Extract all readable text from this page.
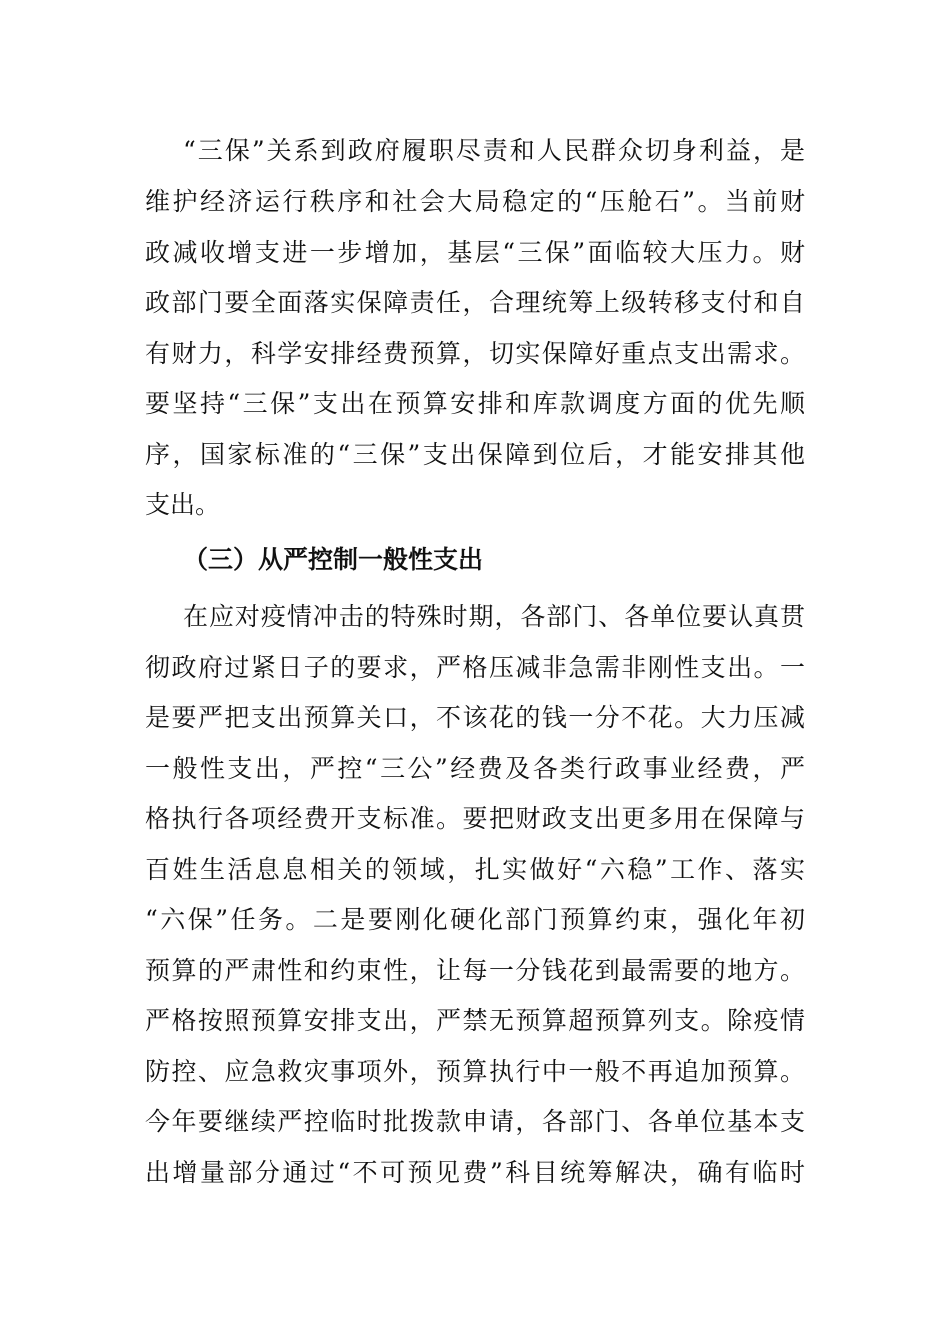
“三保”关系到政府履职尽责和人民群众切身利益，是
维护经济运行秩序和社会大局稳定的“压舱石”。当前财
政减收增支进一步增加，基层“三保”面临较大压力。财
政部门要全面落实保障责任，合理统筹上级转移支付和自
有财力，科学安排经费预算，切实保障好重点支出需求。
要坚持“三保”支出在预算安排和库款调度方面的优先顺
序，国家标准的“三保”支出保障到位后，才能安排其他
支出。
（三）从严控制一般性支出
在应对疫情冲击的特殊时期，各部门、各单位要认真贯
彻政府过紧日子的要求，严格压减非急需非刚性支出。一
是要严把支出预算关口，不该花的钱一分不花。大力压减
一般性支出，严控“三公”经费及各类行政事业经费，严
格执行各项经费开支标准。要把财政支出更多用在保障与
百姓生活息息相关的领域，扎实做好“六稳”工作、落实
“六保”任务。二是要刚化硬化部门预算约束，强化年初
预算的严肃性和约束性，让每一分钱花到最需要的地方。
严格按照预算安排支出，严禁无预算超预算列支。除疫情
防控、应急救灾事项外，预算执行中一般不再追加预算。
今年要继续严控临时批拨款申请，各部门、各单位基本支
出增量部分通过“不可预见费”科目统筹解决，确有临时
